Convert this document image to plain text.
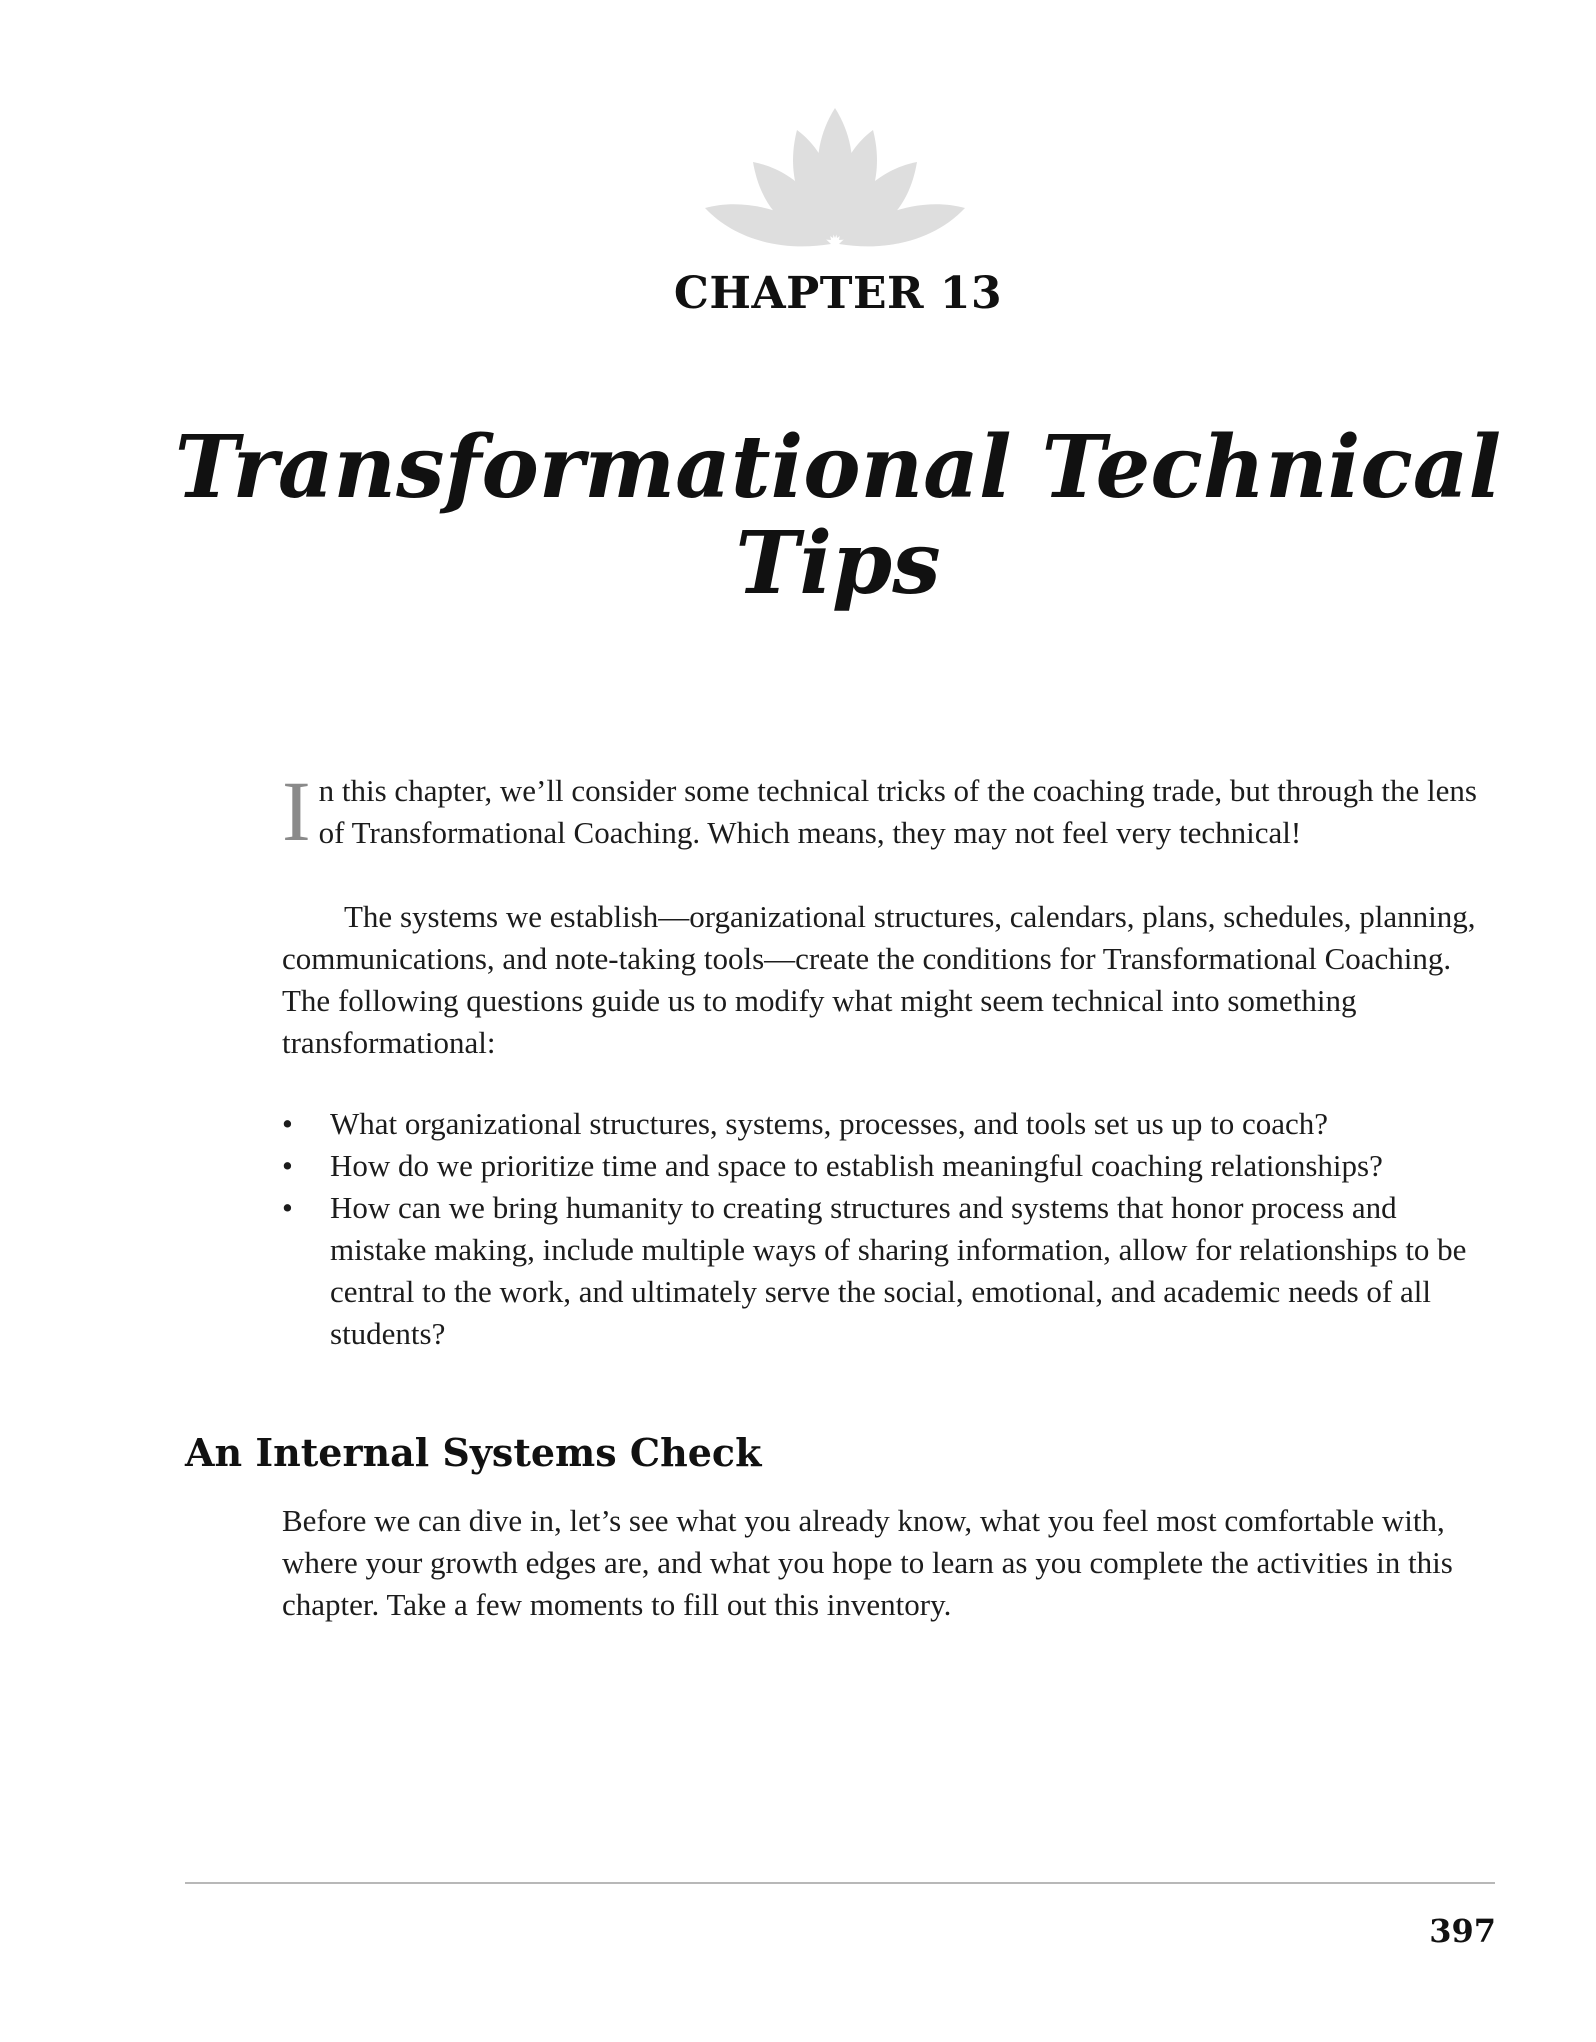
CHAPTER 13
Transformational Technical
Tips

In this chapter, we’ll consider some technical tricks of the coaching trade, but through the lens of Transformational Coaching. Which means, they may not feel very technical!

The systems we establish—organizational structures, calendars, plans, schedules, planning, communications, and note-taking tools—create the conditions for Transformational Coaching. The following questions guide us to modify what might seem technical into something transformational:

• What organizational structures, systems, processes, and tools set us up to coach?
• How do we prioritize time and space to establish meaningful coaching relationships?
• How can we bring humanity to creating structures and systems that honor process and mistake making, include multiple ways of sharing information, allow for relationships to be central to the work, and ultimately serve the social, emotional, and academic needs of all students?
An Internal Systems Check

Before we can dive in, let’s see what you already know, what you feel most comfortable with, where your growth edges are, and what you hope to learn as you complete the activities in this chapter. Take a few moments to fill out this inventory.

397
